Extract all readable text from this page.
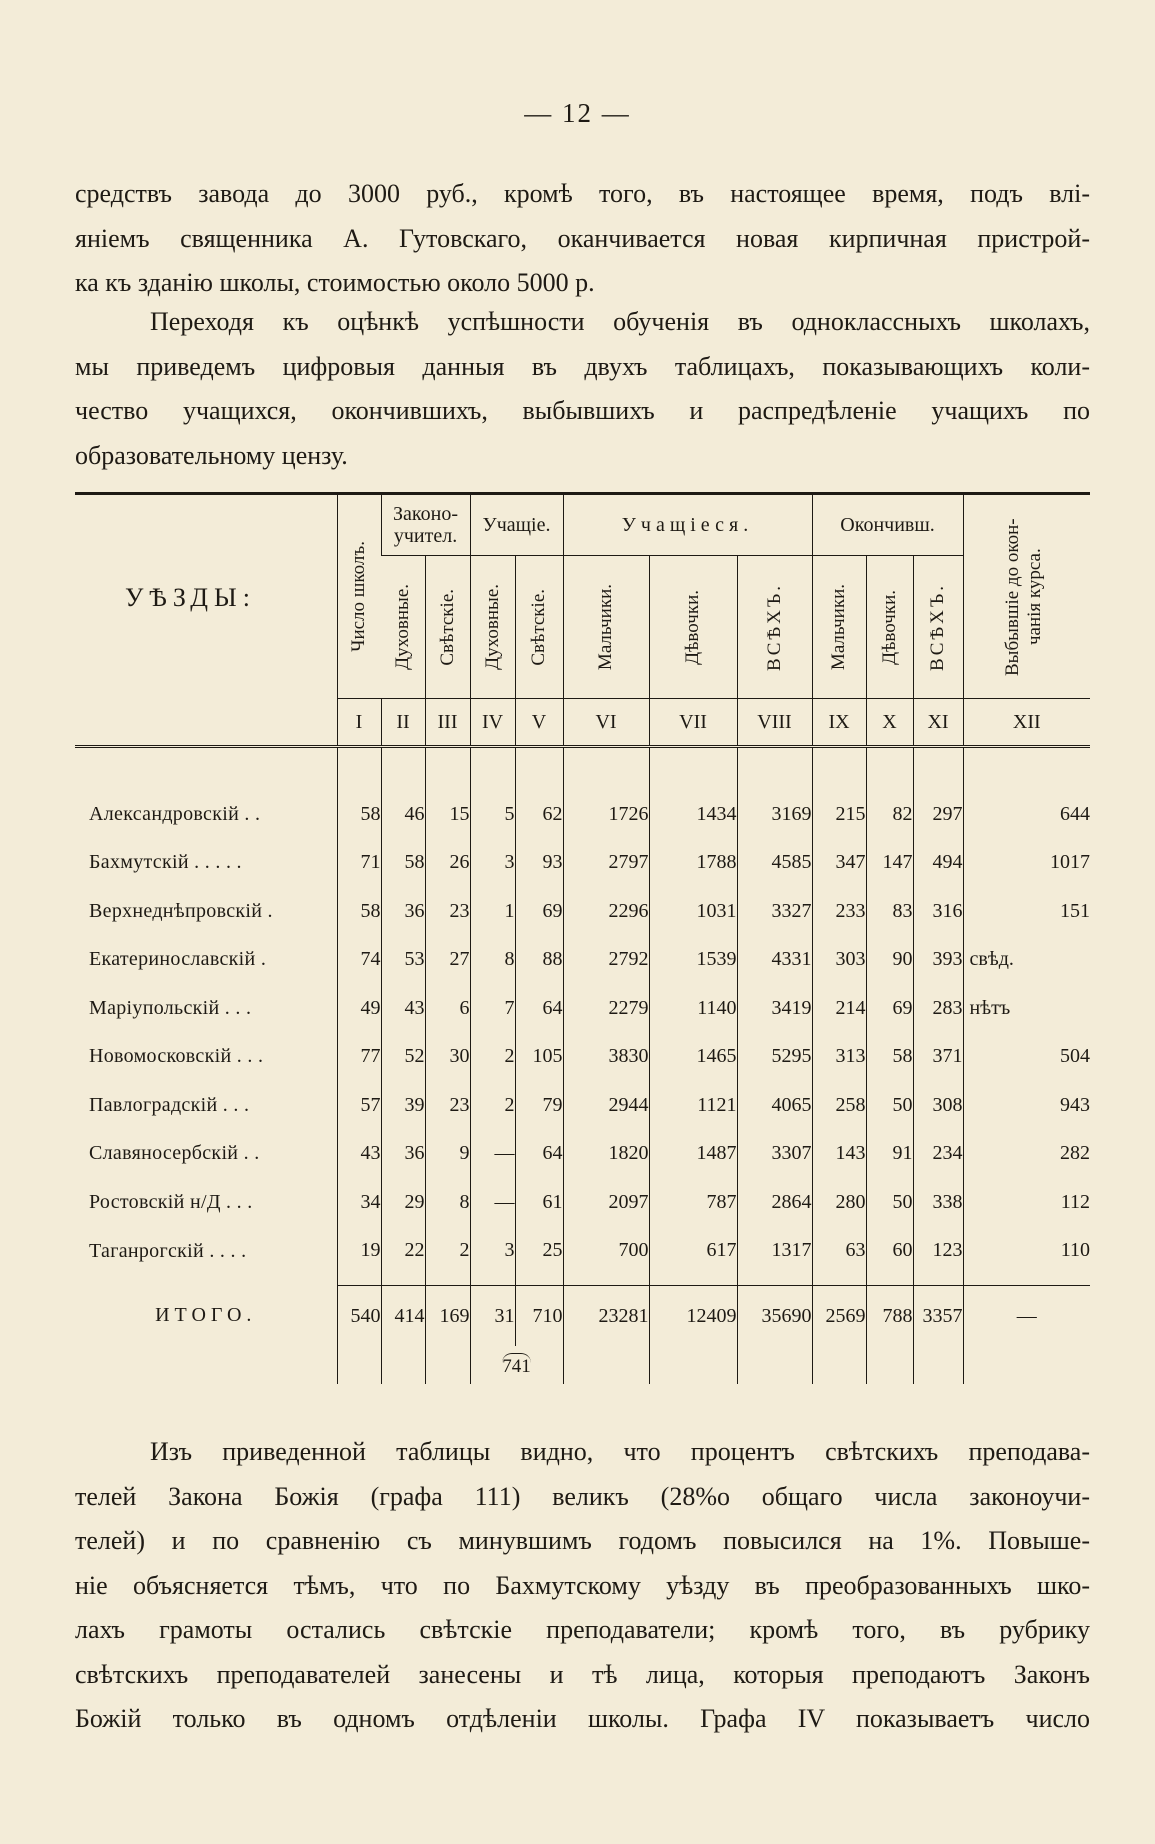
— 12 —

средствъ завода до 3000 руб., кромѣ того, въ настоящее время, подъ влі-

яніемъ священника А. Гутовскаго, оканчивается новая кирпичная пристрой-

ка къ зданію школы, стоимостью около 5000 р.

Переходя къ оцѣнкѣ успѣшности обученія въ одноклассныхъ школахъ,

мы приведемъ цифровыя данныя въ двухъ таблицахъ, показывающихъ коли-

чество учащихся, окончившихъ, выбывшихъ и распредѣленіе учащихъ по

образовательному цензу.

	Число школъ.	Законо-учител.		Учащіе.		Учащіеся.			Окончивш.			Выбывшіе до окон-чанія курса.

		Духовные.	Свѣтскіе.	Духовные.	Свѣтскіе.	Мальчики.	Дѣвочки.	ВСѢХЪ.	Мальчики.	Дѣвочки.	ВСѢХЪ.	

УѢЗДЫ:	I	II	III	IV	V	VI	VII	VIII	IX	X	XI	XII

Александровскій . .	58	46	15	5	62	1726	1434	3169	215	82	297	644
Бахмутскій . . . . .	71	58	26	3	93	2797	1788	4585	347	147	494	1017
Верхнеднѣпровскій .	58	36	23	1	69	2296	1031	3327	233	83	316	151
Екатеринославскій .	74	53	27	8	88	2792	1539	4331	303	90	393	свѣд.
Маріупольскій . . .	49	43	6	7	64	2279	1140	3419	214	69	283	нѣтъ
Новомосковскій . . .	77	52	30	2	105	3830	1465	5295	313	58	371	504
Павлоградскій . . .	57	39	23	2	79	2944	1121	4065	258	50	308	943
Славяносербскій . .	43	36	9	—	64	1820	1487	3307	143	91	234	282
Ростовскій н/Д . . .	34	29	8	—	61	2097	787	2864	280	50	338	112
Таганрогскій . . . .	19	22	2	3	25	700	617	1317	63	60	123	110
ИТОГО.	540	414	169	31	710	23281	12409	35690	2569	788	3357	—
				741								

Изъ приведенной таблицы видно, что процентъ свѣтскихъ преподава-

телей Закона Божія (графа 111) великъ (28%о общаго числа законоучи-

телей) и по сравненію съ минувшимъ годомъ повысился на 1%. Повыше-

ніе объясняется тѣмъ, что по Бахмутскому уѣзду въ преобразованныхъ шко-

лахъ грамоты остались свѣтскіе преподаватели; кромѣ того, въ рубрику

свѣтскихъ преподавателей занесены и тѣ лица, которыя преподаютъ Законъ

Божій только въ одномъ отдѣленіи школы. Графа IV показываетъ число
